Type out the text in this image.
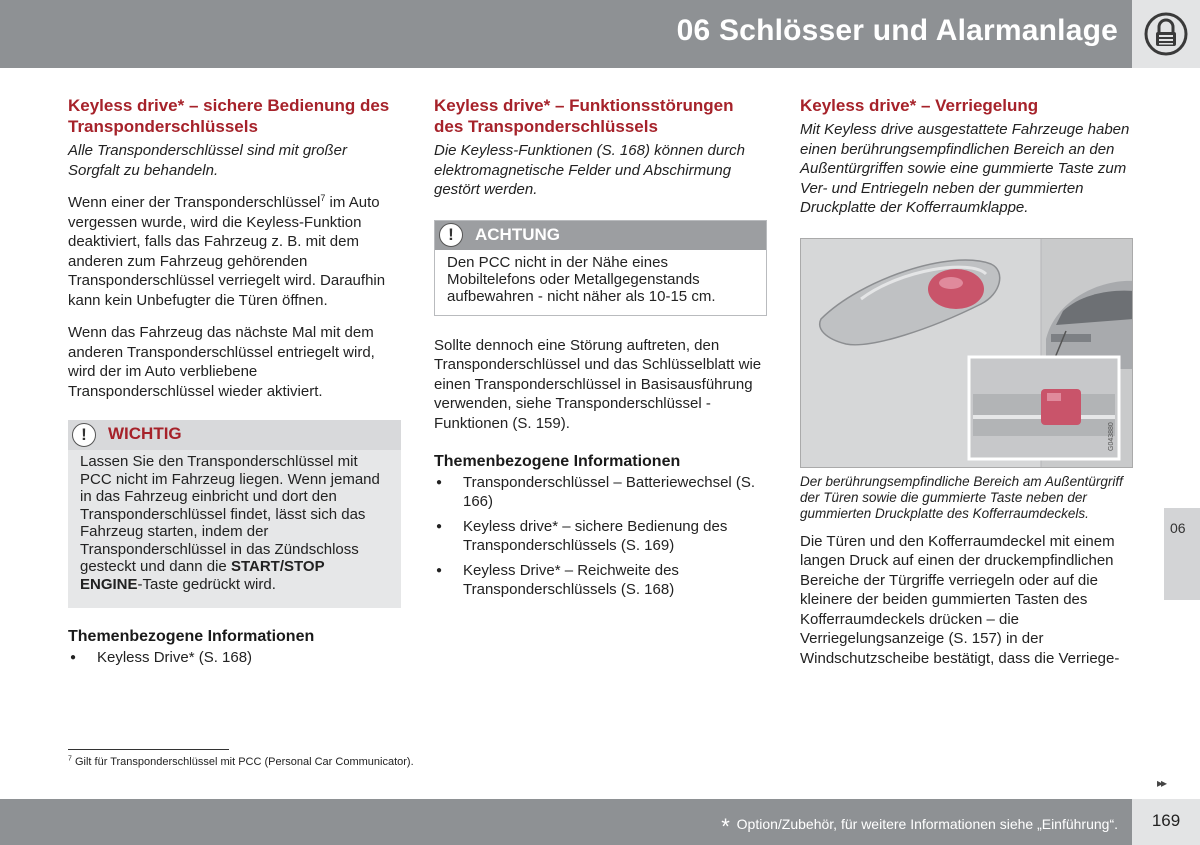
06 Schlösser und Alarmanlage
Keyless drive* – sichere Bedienung des Transponderschlüssels

Alle Transponderschlüssel sind mit großer Sorgfalt zu behandeln.

Wenn einer der Transponderschlüssel$^7$ im Auto vergessen wurde, wird die Keyless-Funktion deaktiviert, falls das Fahrzeug z. B. mit dem anderen zum Fahrzeug gehörenden Transponderschlüssel verriegelt wird. Daraufhin kann kein Unbefugter die Türen öffnen.

Wenn das Fahrzeug das nächste Mal mit dem anderen Transponderschlüssel entriegelt wird, wird der im Auto verbliebene Transponderschlüssel wieder aktiviert.

!	WICHTIG
Lassen Sie den Transponderschlüssel mit PCC nicht im Fahrzeug liegen. Wenn jemand in das Fahrzeug einbricht und dort den Transponderschlüssel findet, lässt sich das Fahrzeug starten, indem der Transponderschlüssel in das Zündschloss gesteckt und dann die START/STOP ENGINE-Taste gedrückt wird.
Themenbezogene Informationen
● Keyless Drive* (S. 168)
Keyless drive* – Funktionsstörungen des Transponderschlüssels

Die Keyless-Funktionen (S. 168) können durch elektromagnetische Felder und Abschirmung gestört werden.

!	ACHTUNG
Den PCC nicht in der Nähe eines Mobiltelefons oder Metallgegenstands aufbewahren - nicht näher als 10-15 cm.

Sollte dennoch eine Störung auftreten, den Transponderschlüssel und das Schlüsselblatt wie einen Transponderschlüssel in Basisausführung verwenden, siehe Transponderschlüssel - Funktionen (S. 159).

Themenbezogene Informationen
● Transponderschlüssel – Batteriewechsel (S. 166)
● Keyless drive* – sichere Bedienung des Transponderschlüssels (S. 169)
● Keyless Drive* – Reichweite des Transponderschlüssels (S. 168)
Keyless drive* – Verriegelung

Mit Keyless drive ausgestattete Fahrzeuge haben einen berührungsempfindlichen Bereich an den Außentürgriffen sowie eine gummierte Taste zum Ver- und Entriegeln neben der gummierten Druckplatte der Kofferraumklappe.

G043880

Der berührungsempfindliche Bereich am Außentürgriff der Türen sowie die gummierte Taste neben der gummierten Druckplatte des Kofferraumdeckels.

Die Türen und den Kofferraumdeckel mit einem langen Druck auf einen der druckempfindlichen Bereiche der Türgriffe verriegeln oder auf die kleinere der beiden gummierten Tasten des Kofferraumdeckels drücken – die Verriegelungsanzeige (S. 157) in der Windschutzscheibe bestätigt, dass die Verriege-

06
$^7$ Gilt für Transponderschlüssel mit PCC (Personal Car Communicator).
▸▸
* Option/Zubehör, für weitere Informationen siehe „Einführung“.	169
